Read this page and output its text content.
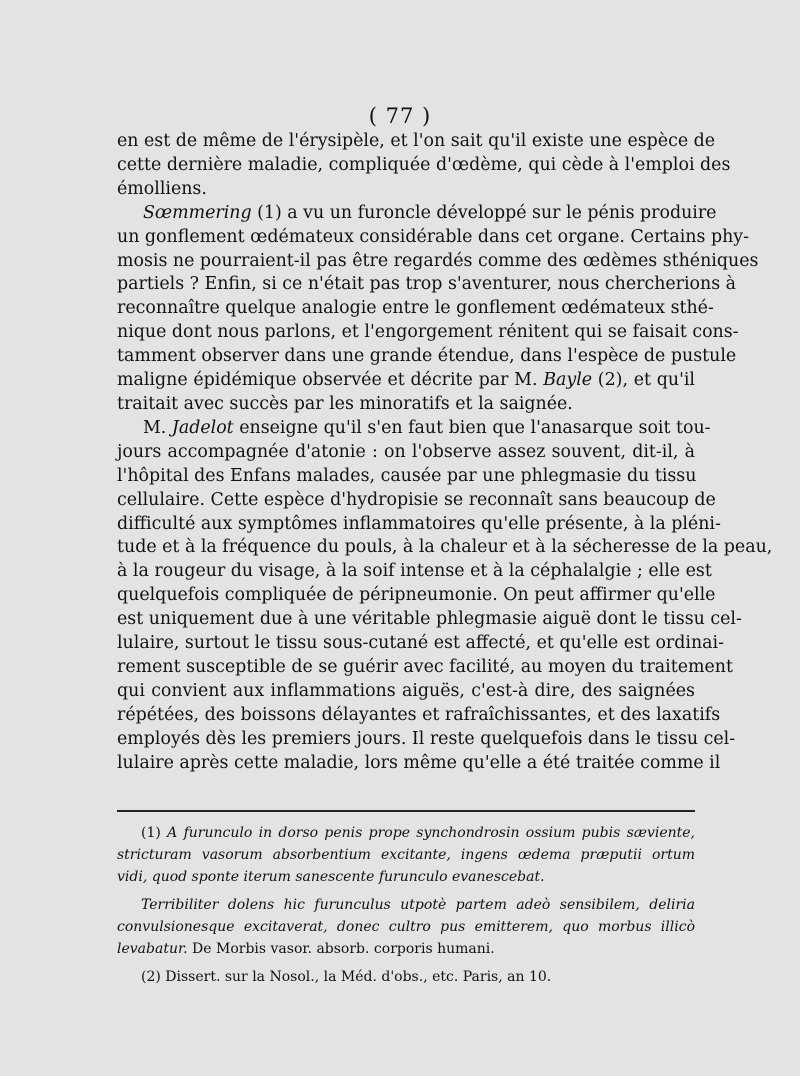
( 77 )
en est de même de l'érysipèle, et l'on sait qu'il existe une espèce de
cette dernière maladie, compliquée d'œdème, qui cède à l'emploi des
émolliens.
Sœmmering (1) a vu un furoncle développé sur le pénis produire
un gonflement œdémateux considérable dans cet organe. Certains phy-
mosis ne pourraient-il pas être regardés comme des œdèmes sthéniques
partiels ? Enfin, si ce n'était pas trop s'aventurer, nous chercherions à
reconnaître quelque analogie entre le gonflement œdémateux sthé-
nique dont nous parlons, et l'engorgement rénitent qui se faisait cons-
tamment observer dans une grande étendue, dans l'espèce de pustule
maligne épidémique observée et décrite par M. Bayle (2), et qu'il
traitait avec succès par les minoratifs et la saignée.
M. Jadelot enseigne qu'il s'en faut bien que l'anasarque soit tou-
jours accompagnée d'atonie : on l'observe assez souvent, dit-il, à
l'hôpital des Enfans malades, causée par une phlegmasie du tissu
cellulaire. Cette espèce d'hydropisie se reconnaît sans beaucoup de
difficulté aux symptômes inflammatoires qu'elle présente, à la pléni-
tude et à la fréquence du pouls, à la chaleur et à la sécheresse de la peau,
à la rougeur du visage, à la soif intense et à la céphalalgie ; elle est
quelquefois compliquée de péripneumonie. On peut affirmer qu'elle
est uniquement due à une véritable phlegmasie aiguë dont le tissu cel-
lulaire, surtout le tissu sous-cutané est affecté, et qu'elle est ordinai-
rement susceptible de se guérir avec facilité, au moyen du traitement
qui convient aux inflammations aiguës, c'est-à dire, des saignées
répétées, des boissons délayantes et rafraîchissantes, et des laxatifs
employés dès les premiers jours. Il reste quelquefois dans le tissu cel-
lulaire après cette maladie, lors même qu'elle a été traitée comme il
(1) A furunculo in dorso penis prope synchondrosin ossium pubis sæviente,
stricturam vasorum absorbentium excitante, ingens œdema præputii ortum
vidi, quod sponte iterum sanescente furunculo evanescebat.
Terribiliter dolens hic furunculus utpotè partem adeò sensibilem, deliria
convulsionesque excitaverat, donec cultro pus emitterem, quo morbus illicò
levabatur. De Morbis vasor. absorb. corporis humani.
(2) Dissert. sur la Nosol., la Méd. d'obs., etc. Paris, an 10.
